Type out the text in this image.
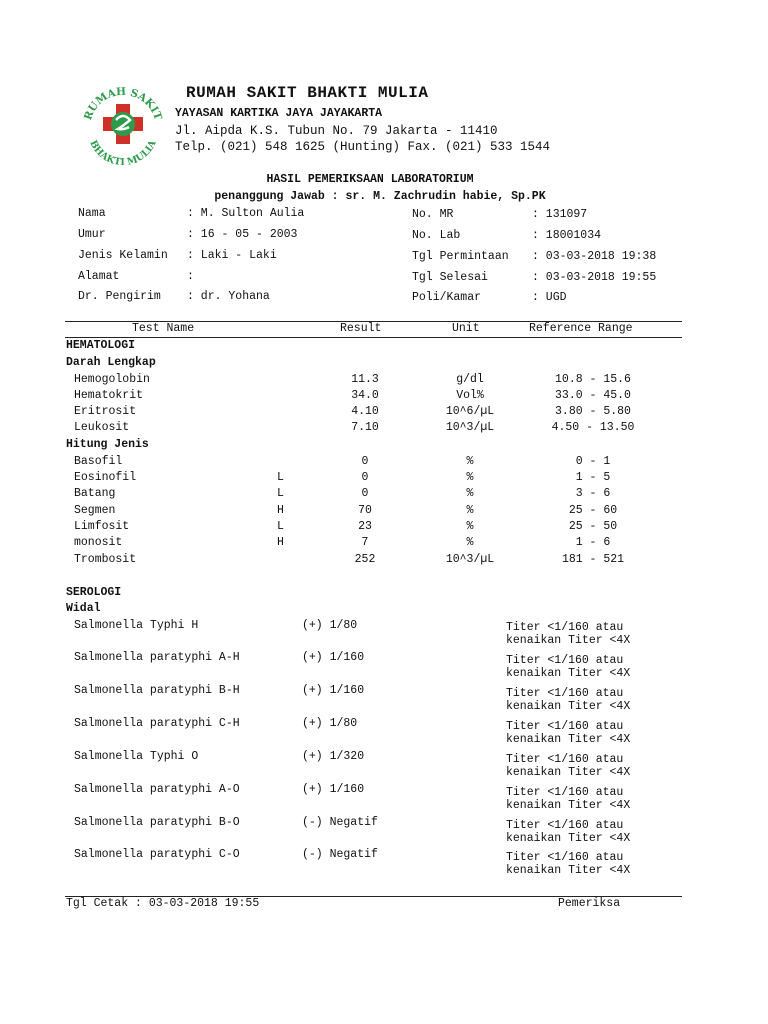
RUMAH SAKIT
BHAKTI MULIA
RUMAH SAKIT BHAKTI MULIA
YAYASAN KARTIKA JAYA JAYAKARTA
Jl. Aipda K.S. Tubun No. 79 Jakarta - 11410
Telp. (021) 548 1625 (Hunting) Fax. (021) 533 1544
HASIL PEMERIKSAAN LABORATORIUM
penanggung Jawab : sr. M. Zachrudin habie, Sp.PK
Nama	: M. Sulton Aulia
Umur	: 16 - 05 - 2003
Jenis Kelamin : Laki - Laki
Alamat	:
Dr. Pengirim : dr. Yohana
No. MR	: 131097
No. Lab	: 18001034
Tgl Permintaan : 03-03-2018 19:38
Tgl Selesai	: 03-03-2018 19:55
Poli/Kamar	: UGD
Test Name	Result	Unit	Reference Range
HEMATOLOGI
Darah Lengkap
Hemogolobin	11.3	g/dl	10.8 - 15.6
Hematokrit	34.0	Vol%	33.0 - 45.0
Eritrosit	4.10	10^6/µL	3.80 - 5.80
Leukosit	7.10	10^3/µL	4.50 - 13.50
Hitung Jenis
Basofil	0	%	0 - 1
Eosinofil	L	0	%	1 - 5
Batang	L	0	%	3 - 6
Segmen	H	70	%	25 - 60
Limfosit	L	23	%	25 - 50
monosit	H	7	%	1 - 6
Trombosit	252	10^3/µL	181 - 521
SEROLOGI
Widal
Salmonella Typhi H	(+) 1/80	Titer <1/160 atau
kenaikan Titer <4X
Salmonella paratyphi A-H	(+) 1/160	Titer <1/160 atau
kenaikan Titer <4X
Salmonella paratyphi B-H	(+) 1/160	Titer <1/160 atau
kenaikan Titer <4X
Salmonella paratyphi C-H	(+) 1/80	Titer <1/160 atau
kenaikan Titer <4X
Salmonella Typhi O	(+) 1/320	Titer <1/160 atau
kenaikan Titer <4X
Salmonella paratyphi A-O	(+) 1/160	Titer <1/160 atau
kenaikan Titer <4X
Salmonella paratyphi B-O	(-) Negatif	Titer <1/160 atau
kenaikan Titer <4X
Salmonella paratyphi C-O	(-) Negatif	Titer <1/160 atau
kenaikan Titer <4X
Tgl Cetak : 03-03-2018 19:55	Pemeriksa
